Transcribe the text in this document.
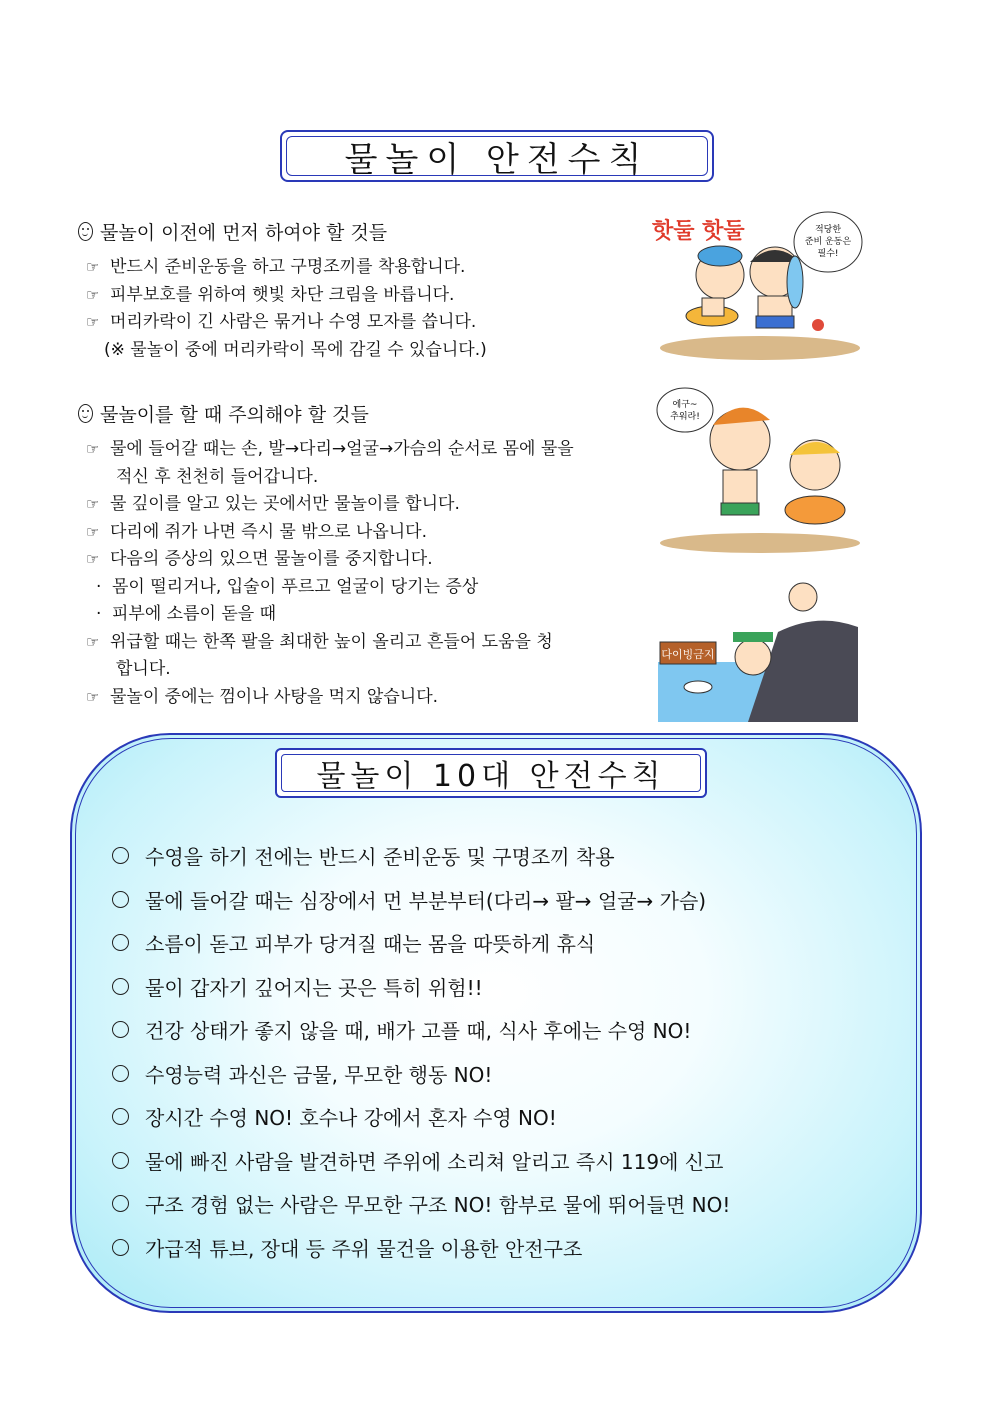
물놀이 안전수칙
물놀이 이전에 먼저 하여야 할 것들
☞ 반드시 준비운동을 하고 구명조끼를 착용합니다.
☞ 피부보호를 위하여 햇빛 차단 크림을 바릅니다.
☞ 머리카락이 긴 사람은 묶거나 수영 모자를 씁니다.
(※ 물놀이 중에 머리카락이 목에 감길 수 있습니다.)
물놀이를 할 때 주의해야 할 것들
☞ 물에 들어갈 때는 손, 발→다리→얼굴→가슴의 순서로 몸에 물을
적신 후 천천히 들어갑니다.
☞ 물 깊이를 알고 있는 곳에서만 물놀이를 합니다.
☞ 다리에 쥐가 나면 즉시 물 밖으로 나옵니다.
☞ 다음의 증상의 있으면 물놀이를 중지합니다.
· 몸이 떨리거나, 입술이 푸르고 얼굴이 당기는 증상
· 피부에 소름이 돋을 때
☞ 위급할 때는 한쪽 팔을 최대한 높이 올리고 흔들어 도움을 청
합니다.
☞ 물놀이 중에는 껌이나 사탕을 먹지 않습니다.
핫둘 핫둘	적당한
준비 운동은
필수!
에구~
추워라!
다이빙금지
물놀이 10대 안전수칙
수영을 하기 전에는 반드시 준비운동 및 구명조끼 착용
물에 들어갈 때는 심장에서 먼 부분부터(다리→ 팔→ 얼굴→ 가슴)
소름이 돋고 피부가 당겨질 때는 몸을 따뜻하게 휴식
물이 갑자기 깊어지는 곳은 특히 위험!!
건강 상태가 좋지 않을 때, 배가 고플 때, 식사 후에는 수영 NO!
수영능력 과신은 금물, 무모한 행동 NO!
장시간 수영 NO! 호수나 강에서 혼자 수영 NO!
물에 빠진 사람을 발견하면 주위에 소리쳐 알리고 즉시 119에 신고
구조 경험 없는 사람은 무모한 구조 NO! 함부로 물에 뛰어들면 NO!
가급적 튜브, 장대 등 주위 물건을 이용한 안전구조
